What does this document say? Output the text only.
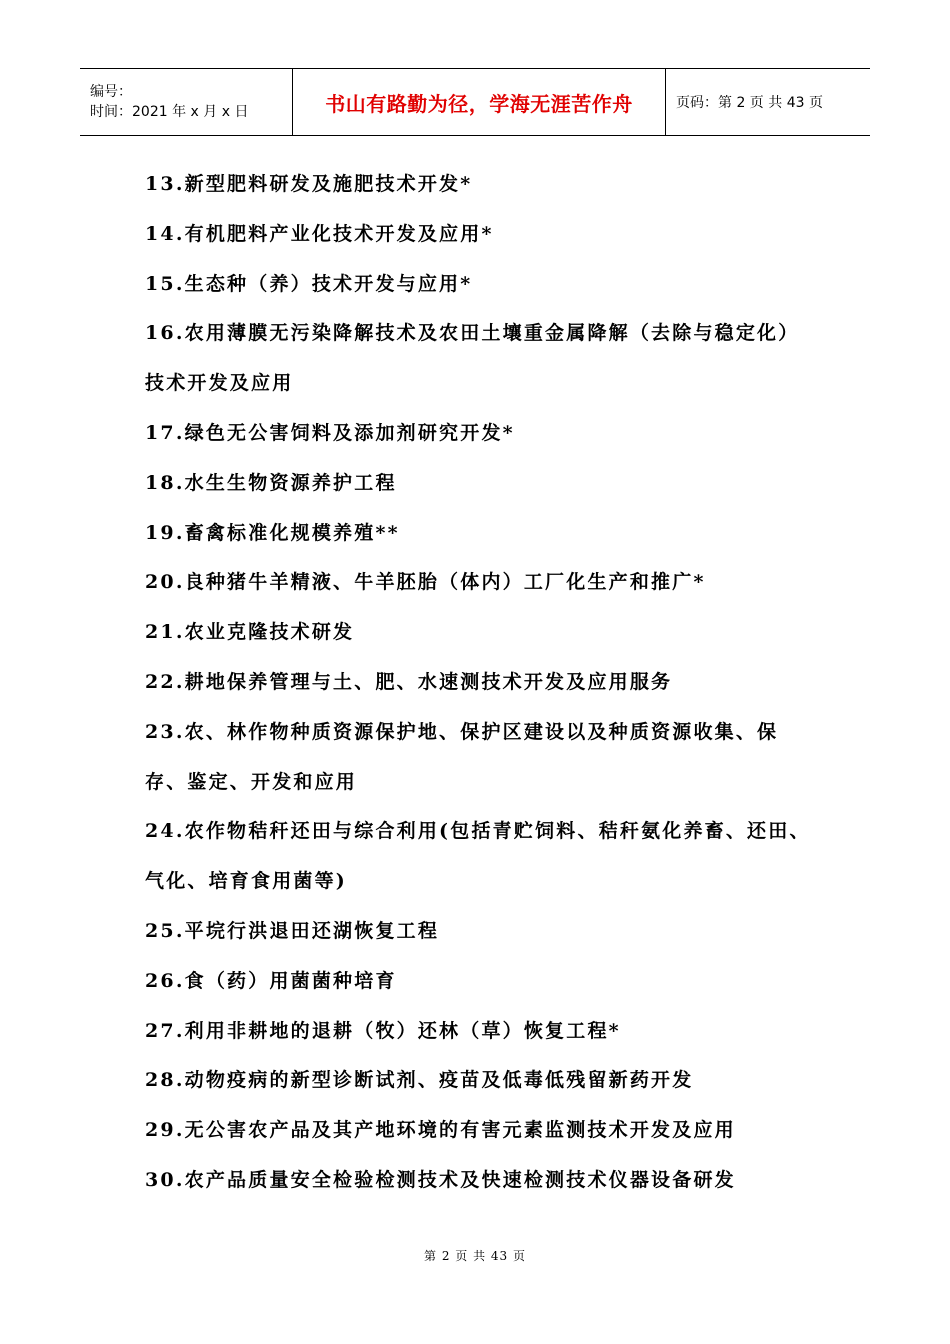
编号：
时间：2021 年 x 月 x 日	书山有路勤为径，学海无涯苦作舟	页码：第 2 页 共 43 页

13.新型肥料研发及施肥技术开发*

14.有机肥料产业化技术开发及应用*

15.生态种（养）技术开发与应用*

16.农用薄膜无污染降解技术及农田土壤重金属降解（去除与稳定化）技术开发及应用

17.绿色无公害饲料及添加剂研究开发*

18.水生生物资源养护工程

19.畜禽标准化规模养殖**

20.良种猪牛羊精液、牛羊胚胎（体内）工厂化生产和推广*

21.农业克隆技术研发

22.耕地保养管理与土、肥、水速测技术开发及应用服务

23.农、林作物种质资源保护地、保护区建设以及种质资源收集、保存、鉴定、开发和应用

24.农作物秸秆还田与综合利用(包括青贮饲料、秸秆氨化养畜、还田、气化、培育食用菌等)

25.平垸行洪退田还湖恢复工程

26.食（药）用菌菌种培育

27.利用非耕地的退耕（牧）还林（草）恢复工程*

28.动物疫病的新型诊断试剂、疫苗及低毒低残留新药开发

29.无公害农产品及其产地环境的有害元素监测技术开发及应用

30.农产品质量安全检验检测技术及快速检测技术仪器设备研发

第 2 页 共 43 页
